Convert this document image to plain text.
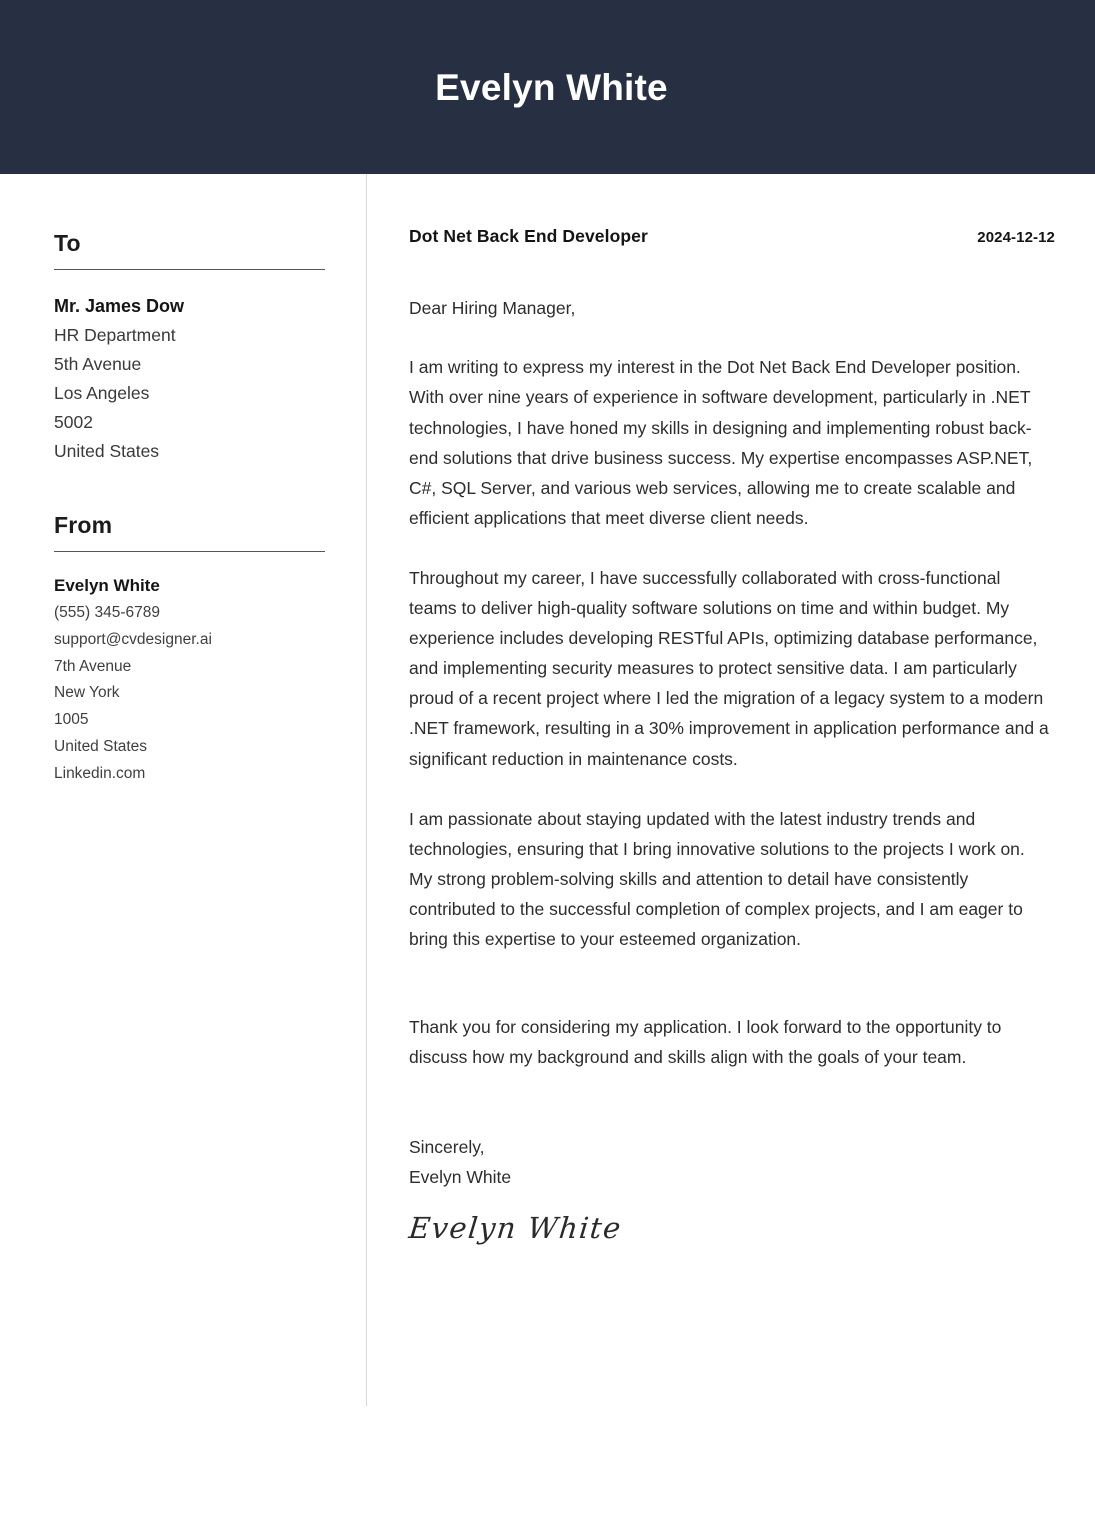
Evelyn White
To
Mr. James Dow
HR Department
5th Avenue
Los Angeles
5002
United States
From
Evelyn White
(555) 345-6789
support@cvdesigner.ai
7th Avenue
New York
1005
United States
Linkedin.com
Dot Net Back End Developer	2024-12-12
Dear Hiring Manager,

I am writing to express my interest in the Dot Net Back End Developer position. With over nine years of experience in software development, particularly in .NET technologies, I have honed my skills in designing and implementing robust back-end solutions that drive business success. My expertise encompasses ASP.NET, C#, SQL Server, and various web services, allowing me to create scalable and efficient applications that meet diverse client needs.

Throughout my career, I have successfully collaborated with cross-functional teams to deliver high-quality software solutions on time and within budget. My experience includes developing RESTful APIs, optimizing database performance, and implementing security measures to protect sensitive data. I am particularly proud of a recent project where I led the migration of a legacy system to a modern .NET framework, resulting in a 30% improvement in application performance and a significant reduction in maintenance costs.

I am passionate about staying updated with the latest industry trends and technologies, ensuring that I bring innovative solutions to the projects I work on. My strong problem-solving skills and attention to detail have consistently contributed to the successful completion of complex projects, and I am eager to bring this expertise to your esteemed organization.

Thank you for considering my application. I look forward to the opportunity to discuss how my background and skills align with the goals of your team.

Sincerely,
Evelyn White
Evelyn White
